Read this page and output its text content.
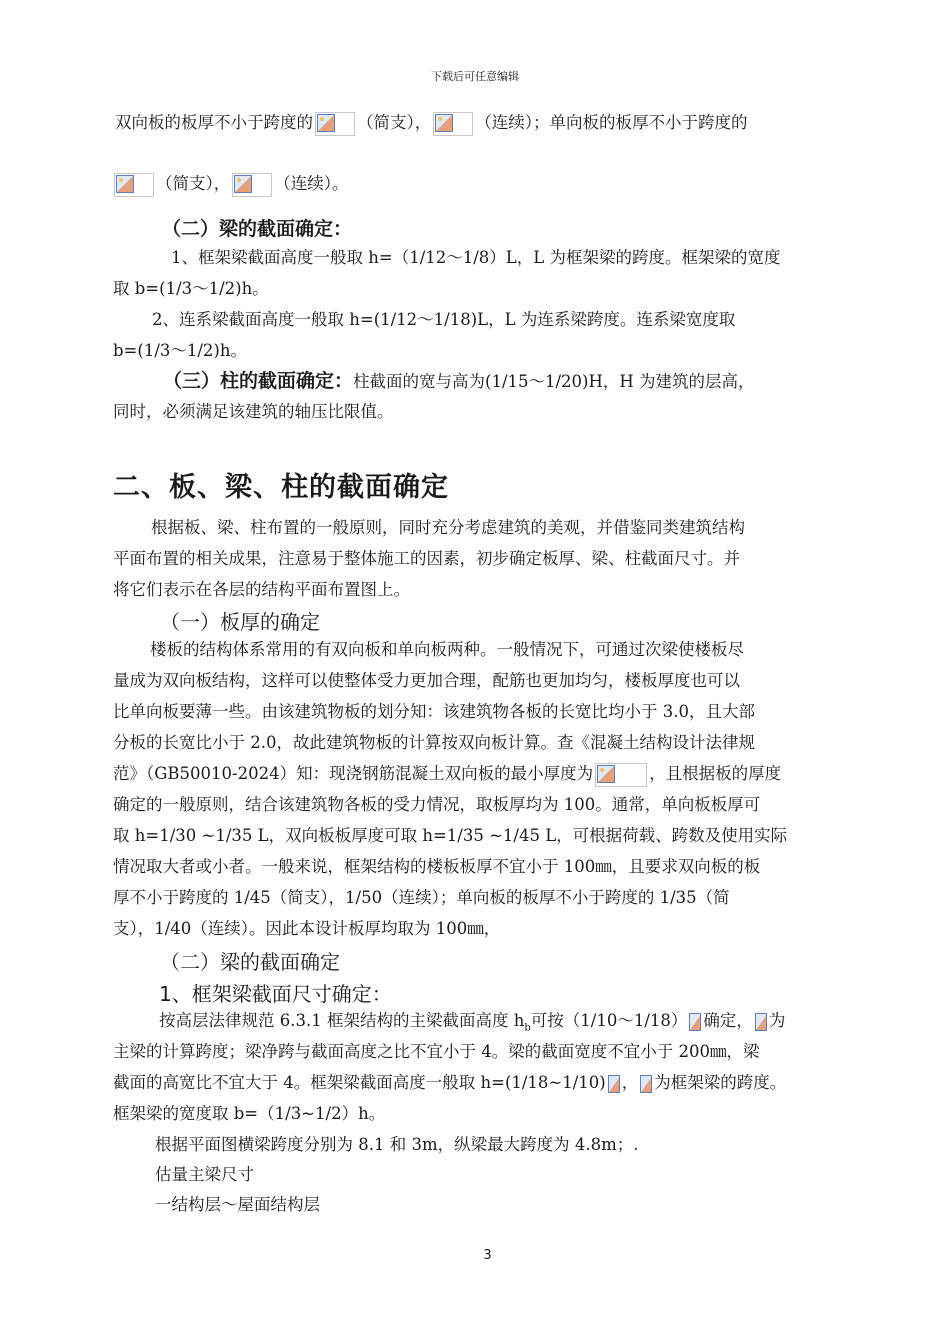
下载后可任意编辑
双向板的板厚不小于跨度的	（简支），	（连续）；单向板的板厚不小于跨度的
（简支），	（连续）。
（二）梁的截面确定：
1、框架梁截面高度一般取 h=（1/12～1/8）L，L 为框架梁的跨度。框架梁的宽度
取 b=(1/3～1/2)h。
2、连系梁截面高度一般取 h=(1/12～1/18)L，L 为连系梁跨度。连系梁宽度取
b=(1/3～1/2)h。
（三）柱的截面确定：柱截面的宽与高为(1/15～1/20)H，H 为建筑的层高，
同时，必须满足该建筑的轴压比限值。
二、板、梁、柱的截面确定
根据板、梁、柱布置的一般原则，同时充分考虑建筑的美观，并借鉴同类建筑结构
平面布置的相关成果，注意易于整体施工的因素，初步确定板厚、梁、柱截面尺寸。并
将它们表示在各层的结构平面布置图上。
（一）板厚的确定
楼板的结构体系常用的有双向板和单向板两种。一般情况下，可通过次梁使楼板尽
量成为双向板结构，这样可以使整体受力更加合理，配筋也更加均匀，楼板厚度也可以
比单向板要薄一些。由该建筑物板的划分知：该建筑物各板的长宽比均小于 3.0，且大部
分板的长宽比小于 2.0，故此建筑物板的计算按双向板计算。查《混凝土结构设计法律规
范》（GB50010-2024）知：现浇钢筋混凝土双向板的最小厚度为	，且根据板的厚度
确定的一般原则，结合该建筑物各板的受力情况，取板厚均为 100。通常，单向板板厚可
取 h=1/30 ~1/35 L，双向板板厚度可取 h=1/35 ~1/45 L，可根据荷载、跨数及使用实际
情况取大者或小者。一般来说，框架结构的楼板板厚不宜小于 100㎜，且要求双向板的板
厚不小于跨度的 1/45（简支），1/50（连续）；单向板的板厚不小于跨度的 1/35（简
支），1/40（连续）。因此本设计板厚均取为 100㎜，
（二）梁的截面确定
1、框架梁截面尺寸确定：
按高层法律规范 6.3.1 框架结构的主梁截面高度 $h_b$可按（1/10～1/18） 确定， 为
主梁的计算跨度；梁净跨与截面高度之比不宜小于 4。梁的截面宽度不宜小于 200㎜，梁
截面的高宽比不宜大于 4。框架梁截面高度一般取 h=(1/18~1/10) ， 为框架梁的跨度。
框架梁的宽度取 b=（1/3~1/2）h。
根据平面图横梁跨度分别为 8.1 和 3m，纵梁最大跨度为 4.8m；.
估量主梁尺寸
一结构层～屋面结构层
3
